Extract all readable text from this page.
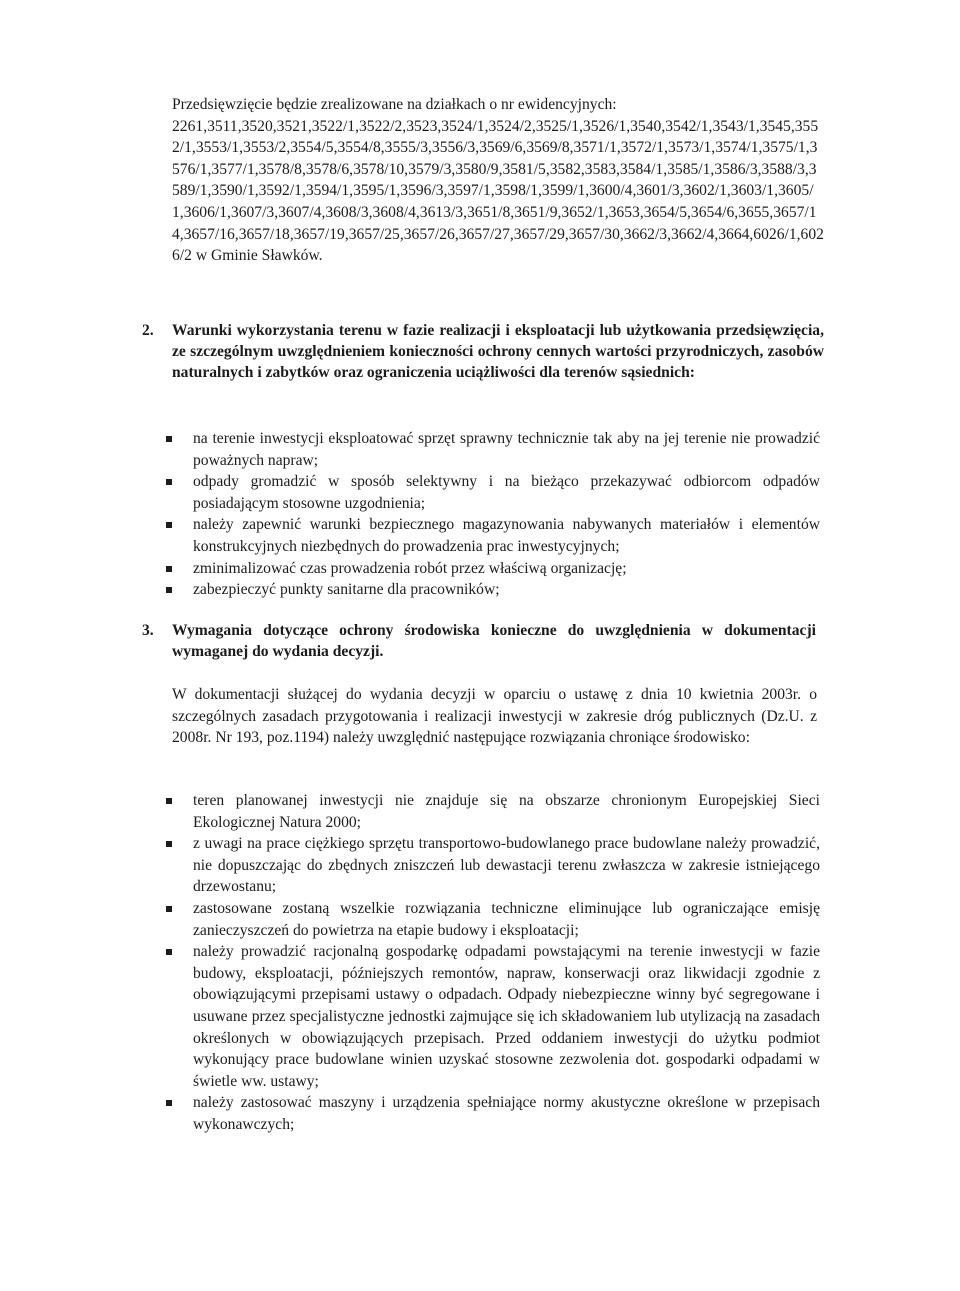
Przedsięwzięcie będzie zrealizowane na działkach o nr ewidencyjnych:
2261,3511,3520,3521,3522/1,3522/2,3523,3524/1,3524/2,3525/1,3526/1,3540,3542/1,3543/1,3545,3552/1,3553/1,3553/2,3554/5,3554/8,3555/3,3556/3,3569/6,3569/8,3571/1,3572/1,3573/1,3574/1,3575/1,3576/1,3577/1,3578/8,3578/6,3578/10,3579/3,3580/9,3581/5,3582,3583,3584/1,3585/1,3586/3,3588/3,3589/1,3590/1,3592/1,3594/1,3595/1,3596/3,3597/1,3598/1,3599/1,3600/4,3601/3,3602/1,3603/1,3605/1,3606/1,3607/3,3607/4,3608/3,3608/4,3613/3,3651/8,3651/9,3652/1,3653,3654/5,3654/6,3655,3657/14,3657/16,3657/18,3657/19,3657/25,3657/26,3657/27,3657/29,3657/30,3662/3,3662/4,3664,6026/1,6026/2 w Gminie Sławków.

2. Warunki wykorzystania terenu w fazie realizacji i eksploatacji lub użytkowania przedsięwzięcia, ze szczególnym uwzględnieniem konieczności ochrony cennych wartości przyrodniczych, zasobów naturalnych i zabytków oraz ograniczenia uciążliwości dla terenów sąsiednich:

na terenie inwestycji eksploatować sprzęt sprawny technicznie tak aby na jej terenie nie prowadzić poważnych napraw;
odpady gromadzić w sposób selektywny i na bieżąco przekazywać odbiorcom odpadów posiadającym stosowne uzgodnienia;
należy zapewnić warunki bezpiecznego magazynowania nabywanych materiałów i elementów konstrukcyjnych niezbędnych do prowadzenia prac inwestycyjnych;
zminimalizować czas prowadzenia robót przez właściwą organizację;
zabezpieczyć punkty sanitarne dla pracowników;

3. Wymagania dotyczące ochrony środowiska konieczne do uwzględnienia w dokumentacji wymaganej do wydania decyzji.

W dokumentacji służącej do wydania decyzji w oparciu o ustawę z dnia 10 kwietnia 2003r. o szczególnych zasadach przygotowania i realizacji inwestycji w zakresie dróg publicznych (Dz.U. z 2008r. Nr 193, poz.1194) należy uwzględnić następujące rozwiązania chroniące środowisko:

teren planowanej inwestycji nie znajduje się na obszarze chronionym Europejskiej Sieci Ekologicznej Natura 2000;
z uwagi na prace ciężkiego sprzętu transportowo-budowlanego prace budowlane należy prowadzić, nie dopuszczając do zbędnych zniszczeń lub dewastacji terenu zwłaszcza w zakresie istniejącego drzewostanu;
zastosowane zostaną wszelkie rozwiązania techniczne eliminujące lub ograniczające emisję zanieczyszczeń do powietrza na etapie budowy i eksploatacji;
należy prowadzić racjonalną gospodarkę odpadami powstającymi na terenie inwestycji w fazie budowy, eksploatacji, późniejszych remontów, napraw, konserwacji oraz likwidacji zgodnie z obowiązującymi przepisami ustawy o odpadach. Odpady niebezpieczne winny być segregowane i usuwane przez specjalistyczne jednostki zajmujące się ich składowaniem lub utylizacją na zasadach określonych w obowiązujących przepisach. Przed oddaniem inwestycji do użytku podmiot wykonujący prace budowlane winien uzyskać stosowne zezwolenia dot. gospodarki odpadami w świetle ww. ustawy;
należy zastosować maszyny i urządzenia spełniające normy akustyczne określone w przepisach wykonawczych;
